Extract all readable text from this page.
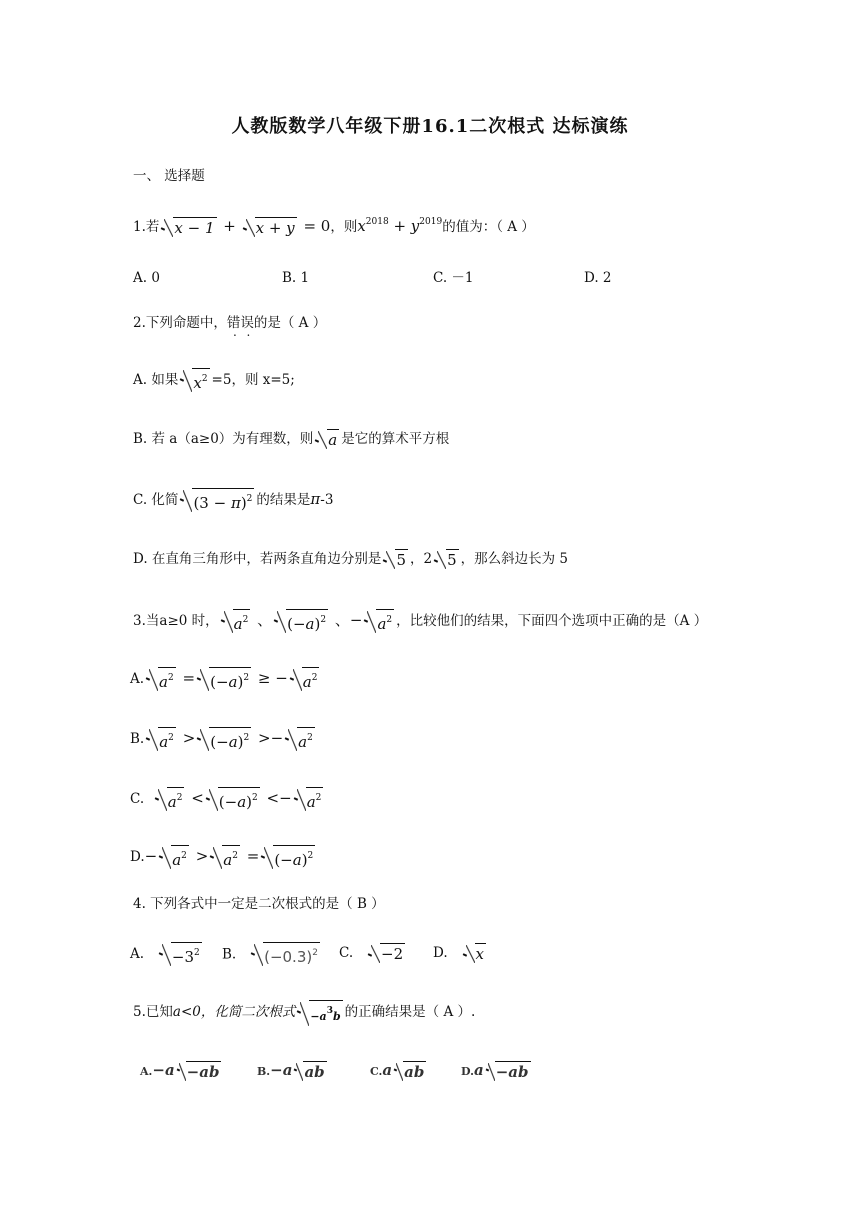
人教版数学八年级下册16.1二次根式 达标演练
一、 选择题
1.若 x − 1 + x + y = 0，则$x^{2018} + y^{2019}$的值为：（ A ）
A. 0	B. 1	C. －1	D. 2
2.下列命题中，错误的是（ A ）
A. 如果 $x^2 =5$，则 x=5;
B. 若 a（a≥0）为有理数，则 a 是它的算术平方根
C. 化简 $(3 - \pi)^2$ 的结果是π-3
D. 在直角三角形中，若两条直角边分别是 5 ，2 5 ，那么斜边长为 5
3.当a≥0 时， $a^2$ 、 $(-a)^2$ 、− $a^2$ ，比较他们的结果，下面四个选项中正确的是（A ）
A. $a^2 = (-a)^2$ ≥ − $a^2$
B. $a^2 > (-a)^2 >- a^2$
C. $a^2 < (-a)^2 <- a^2$
$D.- a^2 > a^2 = (-a)^2$
4. 下列各式中一定是二次根式的是（ B ）
A. $-3^2$ B. $(-0.3)^2$ C. −2 D. x
5.已知a<0，化简二次根式 $-a^3b$ 的正确结果是（ A ）.
A.−a −ab	B.−a ab	C.a ab	D.a −ab
